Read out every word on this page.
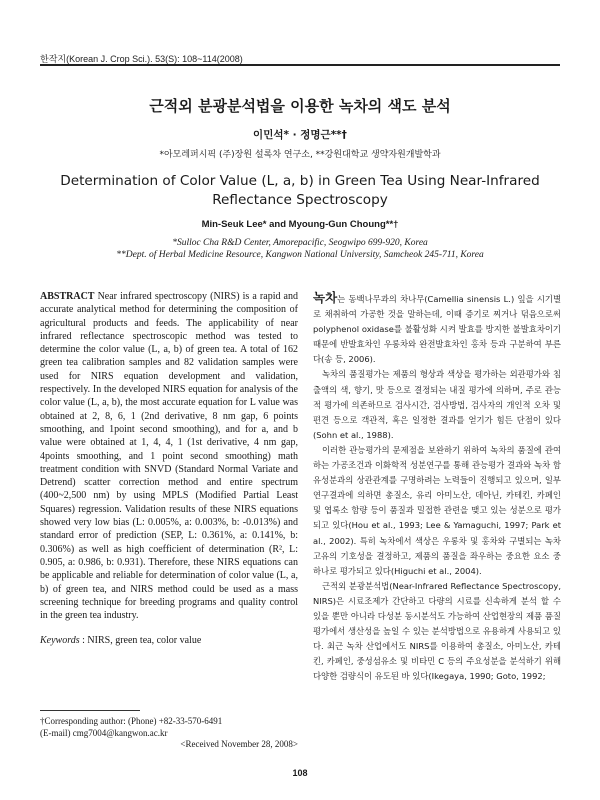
한작지(Korean J. Crop Sci.). 53(S): 108~114(2008)
근적외 분광분석법을 이용한 녹차의 색도 분석
이민석* · 정명근**†
*아모레퍼시픽 (주)장원 설록차 연구소, **강원대학교 생약자원개발학과
Determination of Color Value (L, a, b) in Green Tea Using Near-Infrared Reflectance Spectroscopy
Min-Seuk Lee* and Myoung-Gun Choung**†
*Sulloc Cha R&D Center, Amorepacific, Seogwipo 699-920, Korea
**Dept. of Herbal Medicine Resource, Kangwon National University, Samcheok 245-711, Korea

ABSTRACT Near infrared spectroscopy (NIRS) is a rapid and accurate analytical method for determining the composition of agricultural products and feeds. The applicability of near infrared reflectance spectroscopic method was tested to determine the color value (L, a, b) of green tea. A total of 162 green tea calibration samples and 82 validation samples were used for NIRS equation development and validation, respectively. In the developed NIRS equation for analysis of the color value (L, a, b), the most accurate equation for L value was obtained at 2, 8, 6, 1 (2nd derivative, 8 nm gap, 6 points smoothing, and 1point second smoothing), and for a, and b value were obtained at 1, 4, 4, 1 (1st derivative, 4 nm gap, 4points smoothing, and 1 point second smoothing) math treatment condition with SNVD (Standard Normal Variate and Detrend) scatter correction method and entire spectrum (400~2,500 nm) by using MPLS (Modified Partial Least Squares) regression. Validation results of these NIRS equations showed very low bias (L: 0.005%, a: 0.003%, b: -0.013%) and standard error of prediction (SEP, L: 0.361%, a: 0.141%, b: 0.306%) as well as high coefficient of determination (R², L: 0.905, a: 0.986, b: 0.931). Therefore, these NIRS equations can be applicable and reliable for determination of color value (L, a, b) of green tea, and NIRS method could be used as a mass screening technique for breeding programs and quality control in the green tea industry.

Keywords : NIRS, green tea, color value

†Corresponding author: (Phone) +82-33-570-6491
(E-mail) cmg7004@kangwon.ac.kr
<Received November 28, 2008>

녹차는 동백나무과의 차나무(Camellia sinensis L.) 잎을 시기별로 채취하여 가공한 것을 말하는데, 이때 증기로 찌거나 덖음으로써 polyphenol oxidase를 불활성화 시켜 발효를 방지한 불발효차이기 때문에 반발효차인 우롱차와 완전발효차인 홍차 등과 구분하여 부른다(송 등, 2006).

녹차의 품질평가는 제품의 형상과 색상을 평가하는 외관평가와 침출액의 색, 향기, 맛 등으로 결정되는 내질 평가에 의하며, 주로 관능적 평가에 의존하므로 검사시간, 검사방법, 검사자의 개인적 오차 및 편견 등으로 객관적, 혹은 일정한 결과를 얻기가 힘든 단점이 있다(Sohn et al., 1988).

이러한 관능평가의 문제점을 보완하기 위하여 녹차의 품질에 관여하는 가공조건과 이화학적 성분연구를 통해 관능평가 결과와 녹차 함유성분과의 상관관계를 구명하려는 노력들이 진행되고 있으며, 일부 연구결과에 의하면 총질소, 유리 아미노산, 데아닌, 카테킨, 카페인 및 엽록소 함량 등이 품질과 밀접한 관련을 맺고 있는 성분으로 평가 되고 있다(Hou et al., 1993; Lee & Yamaguchi, 1997; Park et al., 2002). 특히 녹차에서 색상은 우롱차 및 홍차와 구별되는 녹차 고유의 기호성을 결정하고, 제품의 품질을 좌우하는 중요한 요소 중 하나로 평가되고 있다(Higuchi et al., 2004).

근적외 분광분석법(Near-Infrared Reflectance Spectroscopy, NIRS)은 시료조제가 간단하고 다량의 시료를 신속하게 분석 할 수 있을 뿐만 아니라 다성분 동시분석도 가능하여 산업현장의 제품 품질평가에서 생산성을 높일 수 있는 분석방법으로 유용하게 사용되고 있다. 최근 녹차 산업에서도 NIRS를 이용하여 총질소, 아미노산, 카테킨, 카페인, 중성섬유소 및 비타민 C 등의 주요성분을 분석하기 위해 다양한 검량식이 유도된 바 있다(Ikegaya, 1990; Goto, 1992;

108
